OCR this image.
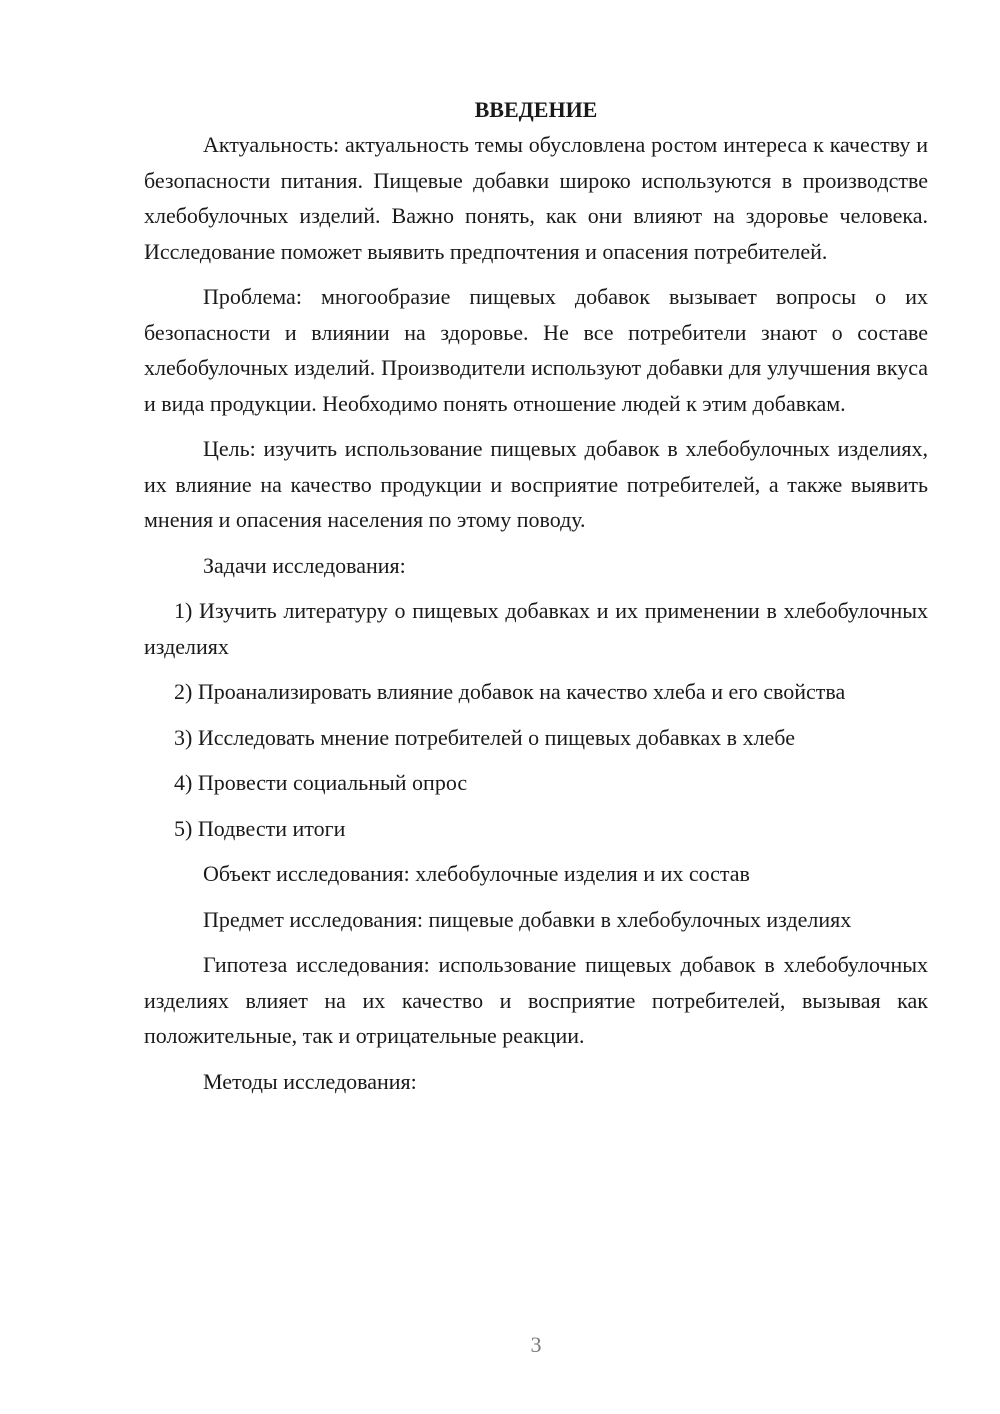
ВВЕДЕНИЕ

Актуальность: актуальность темы обусловлена ростом интереса к качеству и безопасности питания. Пищевые добавки широко используются в производстве хлебобулочных изделий. Важно понять, как они влияют на здоровье человека. Исследование поможет выявить предпочтения и опасения потребителей.

Проблема: многообразие пищевых добавок вызывает вопросы о их безопасности и влиянии на здоровье. Не все потребители знают о составе хлебобулочных изделий. Производители используют добавки для улучшения вкуса и вида продукции. Необходимо понять отношение людей к этим добавкам.

Цель: изучить использование пищевых добавок в хлебобулочных изделиях, их влияние на качество продукции и восприятие потребителей, а также выявить мнения и опасения населения по этому поводу.

Задачи исследования:

1) Изучить литературу о пищевых добавках и их применении в хлебобулочных изделиях

2) Проанализировать влияние добавок на качество хлеба и его свойства

3) Исследовать мнение потребителей о пищевых добавках в хлебе

4) Провести социальный опрос

5) Подвести итоги

Объект исследования: хлебобулочные изделия и их состав

Предмет исследования: пищевые добавки в хлебобулочных изделиях

Гипотеза исследования: использование пищевых добавок в хлебобулочных изделиях влияет на их качество и восприятие потребителей, вызывая как положительные, так и отрицательные реакции.

Методы исследования:

3
